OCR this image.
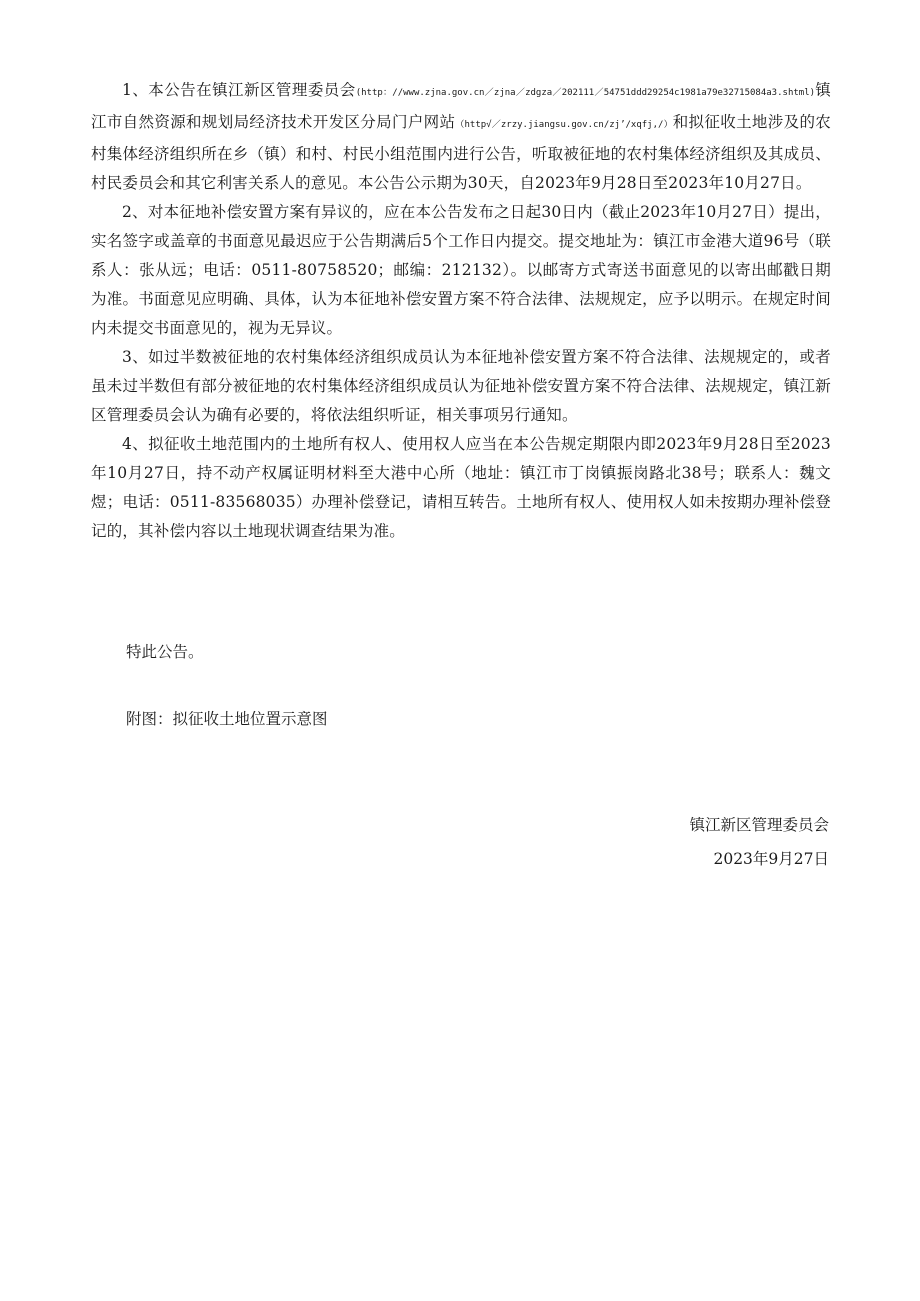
1、本公告在镇江新区管理委员会(http：//www.zjna.gov.cn／zjna／zdgza／202111／54751ddd29254c1981a79e32715084a3.shtml)镇江市自然资源和规划局经济技术开发区分局门户网站（http√／zrzy.jiangsu.gov.cn/zj’/xqfj,/）和拟征收土地涉及的农村集体经济组织所在乡（镇）和村、村民小组范围内进行公告，听取被征地的农村集体经济组织及其成员、村民委员会和其它利害关系人的意见。本公告公示期为30天，自2023年9月28日至2023年10月27日。

2、对本征地补偿安置方案有异议的，应在本公告发布之日起30日内（截止2023年10月27日）提出，实名签字或盖章的书面意见最迟应于公告期满后5个工作日内提交。提交地址为：镇江市金港大道96号（联系人：张从远；电话：0511-80758520；邮编：212132）。以邮寄方式寄送书面意见的以寄出邮戳日期为准。书面意见应明确、具体，认为本征地补偿安置方案不符合法律、法规规定，应予以明示。在规定时间内未提交书面意见的，视为无异议。

3、如过半数被征地的农村集体经济组织成员认为本征地补偿安置方案不符合法律、法规规定的，或者虽未过半数但有部分被征地的农村集体经济组织成员认为征地补偿安置方案不符合法律、法规规定，镇江新区管理委员会认为确有必要的，将依法组织听证，相关事项另行通知。

4、拟征收土地范围内的土地所有权人、使用权人应当在本公告规定期限内即2023年9月28日至2023年10月27日，持不动产权属证明材料至大港中心所（地址：镇江市丁岗镇振岗路北38号；联系人：魏文煜；电话：0511-83568035）办理补偿登记，请相互转告。土地所有权人、使用权人如未按期办理补偿登记的，其补偿内容以土地现状调查结果为准。

特此公告。

附图：拟征收土地位置示意图

镇江新区管理委员会
2023年9月27日
